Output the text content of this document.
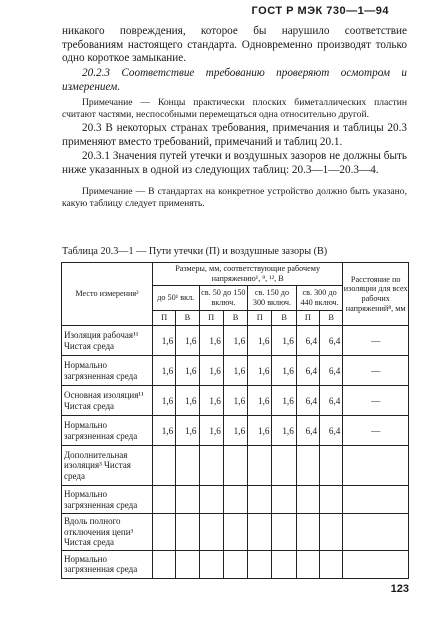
ГОСТ Р МЭК 730—1—94
никакого повреждения, которое бы нарушило соответствие требованиям настоящего стандарта. Одновременно производят только одно короткое замыкание.
20.2.3 Соответствие требованию проверяют осмотром и измерением.
Примечание — Концы практически плоских биметаллических пластин считают частями, неспособными перемещаться одна относительно другой.
20.3 В некоторых странах требования, примечания и таблицы 20.3 применяют вместо требований, примечаний и таблиц 20.1.
20.3.1 Значения путей утечки и воздушных зазоров не должны быть ниже указанных в одной из следующих таблиц: 20.3—1—20.3—4.
Примечание — В стандартах на конкретное устройство должно быть указано, какую таблицу следует применять.
Таблица 20.3—1 — Пути утечки (П) и воздушные зазоры (В)
Место измерения²	Размеры, мм, соответствующие рабочему напряжению¹, ⁹, ¹², В								Расстояние по изоляции для всех рабочих напряжений⁸, мм
	до 50¹ вкл.		св. 50 до 150 включ.		св. 150 до 300 включ.		св. 300 до 440 включ.		
	П	В	П	В	П	В	П	В	
Изоляция рабочая¹¹ Чистая среда	1,6	1,6	1,6	1,6	1,6	1,6	6,4	6,4	—
Нормально загрязненная среда	1,6	1,6	1,6	1,6	1,6	1,6	6,4	6,4	—
Основная изоляция¹¹ Чистая среда	1,6	1,6	1,6	1,6	1,6	1,6	6,4	6,4	—
Нормально загрязненная среда	1,6	1,6	1,6	1,6	1,6	1,6	6,4	6,4	—
Дополнительная изоляция³ Чистая среда									
Нормально загрязненная среда									
Вдоль полного отключения цепи³ Чистая среда									
Нормально загрязненная среда									
123
